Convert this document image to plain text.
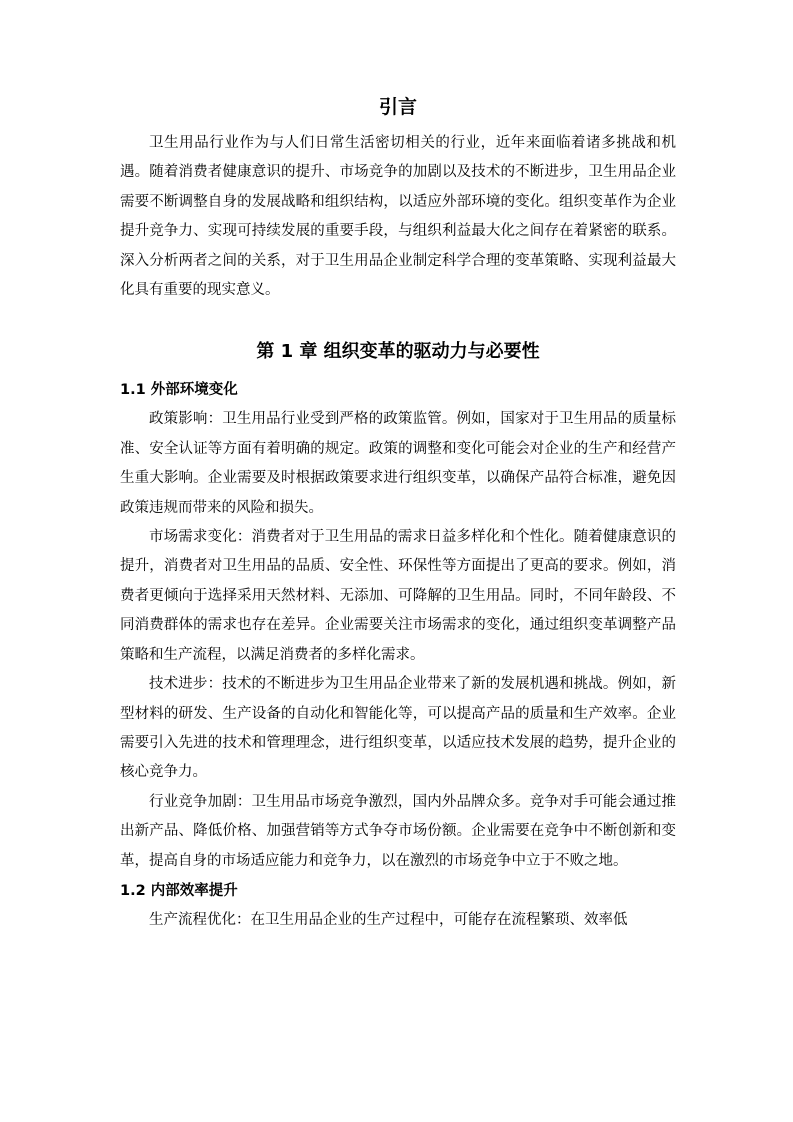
引言

卫生用品行业作为与人们日常生活密切相关的行业，近年来面临着诸多挑战和机遇。随着消费者健康意识的提升、市场竞争的加剧以及技术的不断进步，卫生用品企业需要不断调整自身的发展战略和组织结构，以适应外部环境的变化。组织变革作为企业提升竞争力、实现可持续发展的重要手段，与组织利益最大化之间存在着紧密的联系。深入分析两者之间的关系，对于卫生用品企业制定科学合理的变革策略、实现利益最大化具有重要的现实意义。

第 1 章 组织变革的驱动力与必要性
1.1 外部环境变化

政策影响：卫生用品行业受到严格的政策监管。例如，国家对于卫生用品的质量标准、安全认证等方面有着明确的规定。政策的调整和变化可能会对企业的生产和经营产生重大影响。企业需要及时根据政策要求进行组织变革，以确保产品符合标准，避免因政策违规而带来的风险和损失。

市场需求变化：消费者对于卫生用品的需求日益多样化和个性化。随着健康意识的提升，消费者对卫生用品的品质、安全性、环保性等方面提出了更高的要求。例如，消费者更倾向于选择采用天然材料、无添加、可降解的卫生用品。同时，不同年龄段、不同消费群体的需求也存在差异。企业需要关注市场需求的变化，通过组织变革调整产品策略和生产流程，以满足消费者的多样化需求。

技术进步：技术的不断进步为卫生用品企业带来了新的发展机遇和挑战。例如，新型材料的研发、生产设备的自动化和智能化等，可以提高产品的质量和生产效率。企业需要引入先进的技术和管理理念，进行组织变革，以适应技术发展的趋势，提升企业的核心竞争力。

行业竞争加剧：卫生用品市场竞争激烈，国内外品牌众多。竞争对手可能会通过推出新产品、降低价格、加强营销等方式争夺市场份额。企业需要在竞争中不断创新和变革，提高自身的市场适应能力和竞争力，以在激烈的市场竞争中立于不败之地。

1.2 内部效率提升

生产流程优化：在卫生用品企业的生产过程中，可能存在流程繁琐、效率低
